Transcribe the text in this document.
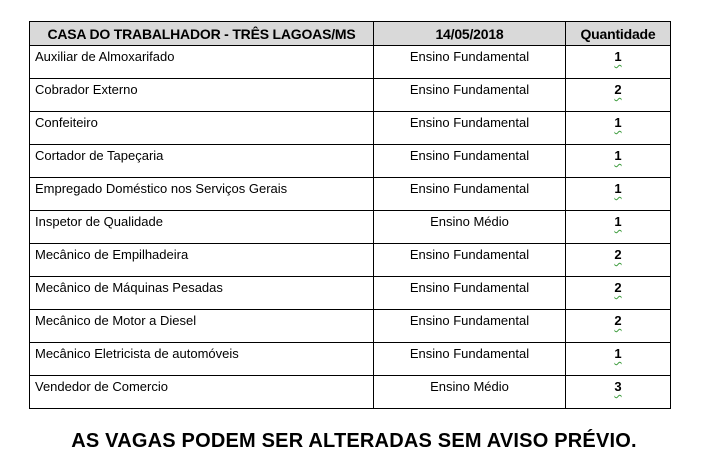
CASA DO TRABALHADOR - TRÊS LAGOAS/MS	14/05/2018	Quantidade
Auxiliar de Almoxarifado	Ensino Fundamental	1
Cobrador Externo	Ensino Fundamental	2
Confeiteiro	Ensino Fundamental	1
Cortador de Tapeçaria	Ensino Fundamental	1
Empregado Doméstico nos Serviços Gerais	Ensino Fundamental	1
Inspetor de Qualidade	Ensino Médio	1
Mecânico de Empilhadeira	Ensino Fundamental	2
Mecânico de Máquinas Pesadas	Ensino Fundamental	2
Mecânico de Motor a Diesel	Ensino Fundamental	2
Mecânico Eletricista de automóveis	Ensino Fundamental	1
Vendedor de Comercio	Ensino Médio	3
AS VAGAS PODEM SER ALTERADAS SEM AVISO PRÉVIO.
